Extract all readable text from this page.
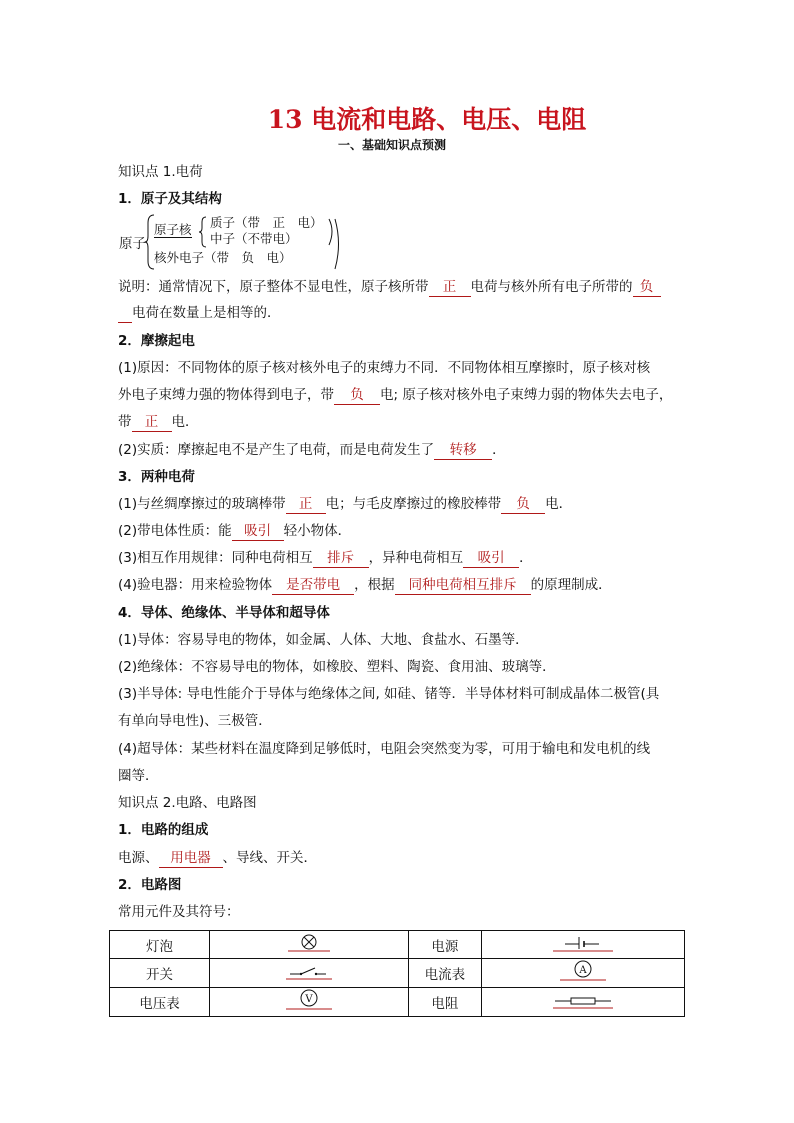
13 电流和电路、电压、电阻
一、基础知识点预测
知识点 1.电荷
1．原子及其结构
原子
原子核 质子（带　正　电）
中子（不带电）
核外电子（带　负　电）
说明：通常情况下，原子整体不显电性，原子核所带 正 电荷与核外所有电子所带的 负
电荷在数量上是相等的．
2．摩擦起电
(1)原因：不同物体的原子核对核外电子的束缚力不同．不同物体相互摩擦时，原子核对核
外电子束缚力强的物体得到电子，带 负 电; 原子核对核外电子束缚力弱的物体失去电子，
带 正 电．
(2)实质：摩擦起电不是产生了电荷，而是电荷发生了 转移 ．
3．两种电荷
(1)与丝绸摩擦过的玻璃棒带 正 电；与毛皮摩擦过的橡胶棒带 负 电．
(2)带电体性质：能 吸引 轻小物体．
(3)相互作用规律：同种电荷相互 排斥 ，异种电荷相互 吸引 ．
(4)验电器：用来检验物体 是否带电 ，根据 同种电荷相互排斥 的原理制成．
4．导体、绝缘体、半导体和超导体
(1)导体：容易导电的物体，如金属、人体、大地、食盐水、石墨等．
(2)绝缘体：不容易导电的物体，如橡胶、塑料、陶瓷、食用油、玻璃等．
(3)半导体: 导电性能介于导体与绝缘体之间, 如硅、锗等．半导体材料可制成晶体二极管(具
有单向导电性)、三极管．
(4)超导体：某些材料在温度降到足够低时，电阻会突然变为零，可用于输电和发电机的线
圈等．
知识点 2.电路、电路图
1．电路的组成
电源、 用电器 、导线、开关．
2．电路图
常用元件及其符号：
灯泡		电源	
开关		电流表	A

电压表	V	电阻	
